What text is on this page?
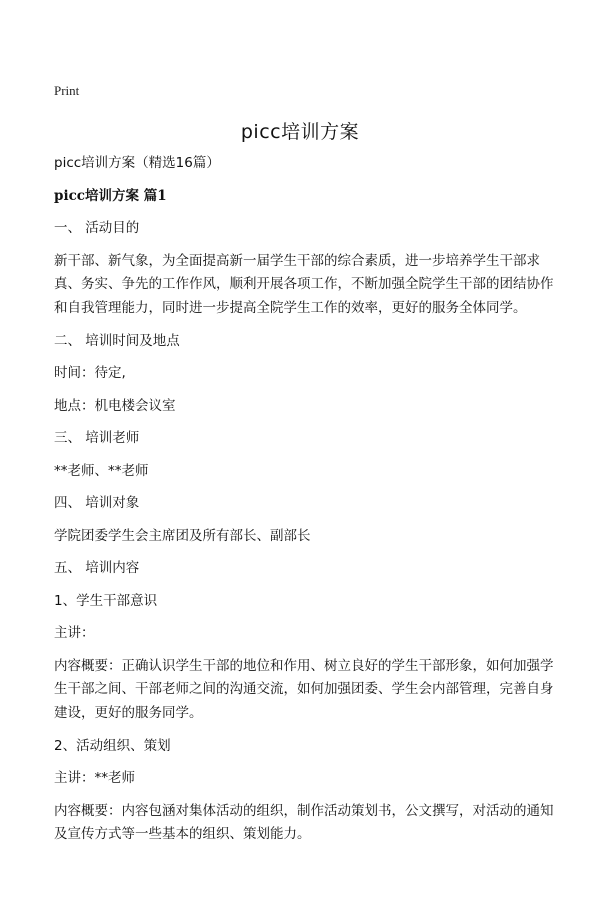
Print
picc培训方案
picc培训方案（精选16篇）
picc培训方案 篇1
一、 活动目的
新干部、新气象，为全面提高新一届学生干部的综合素质，进一步培养学生干部求真、务实、争先的工作作风，顺利开展各项工作，不断加强全院学生干部的团结协作和自我管理能力，同时进一步提高全院学生工作的效率，更好的服务全体同学。
二、 培训时间及地点
时间：待定,
地点：机电楼会议室
三、 培训老师
**老师、**老师
四、 培训对象
学院团委学生会主席团及所有部长、副部长
五、 培训内容
1、学生干部意识
主讲：
内容概要：正确认识学生干部的地位和作用、树立良好的学生干部形象，如何加强学生干部之间、干部老师之间的沟通交流，如何加强团委、学生会内部管理，完善自身建设，更好的服务同学。
2、活动组织、策划
主讲：**老师
内容概要：内容包涵对集体活动的组织，制作活动策划书，公文撰写，对活动的通知及宣传方式等一些基本的组织、策划能力。
